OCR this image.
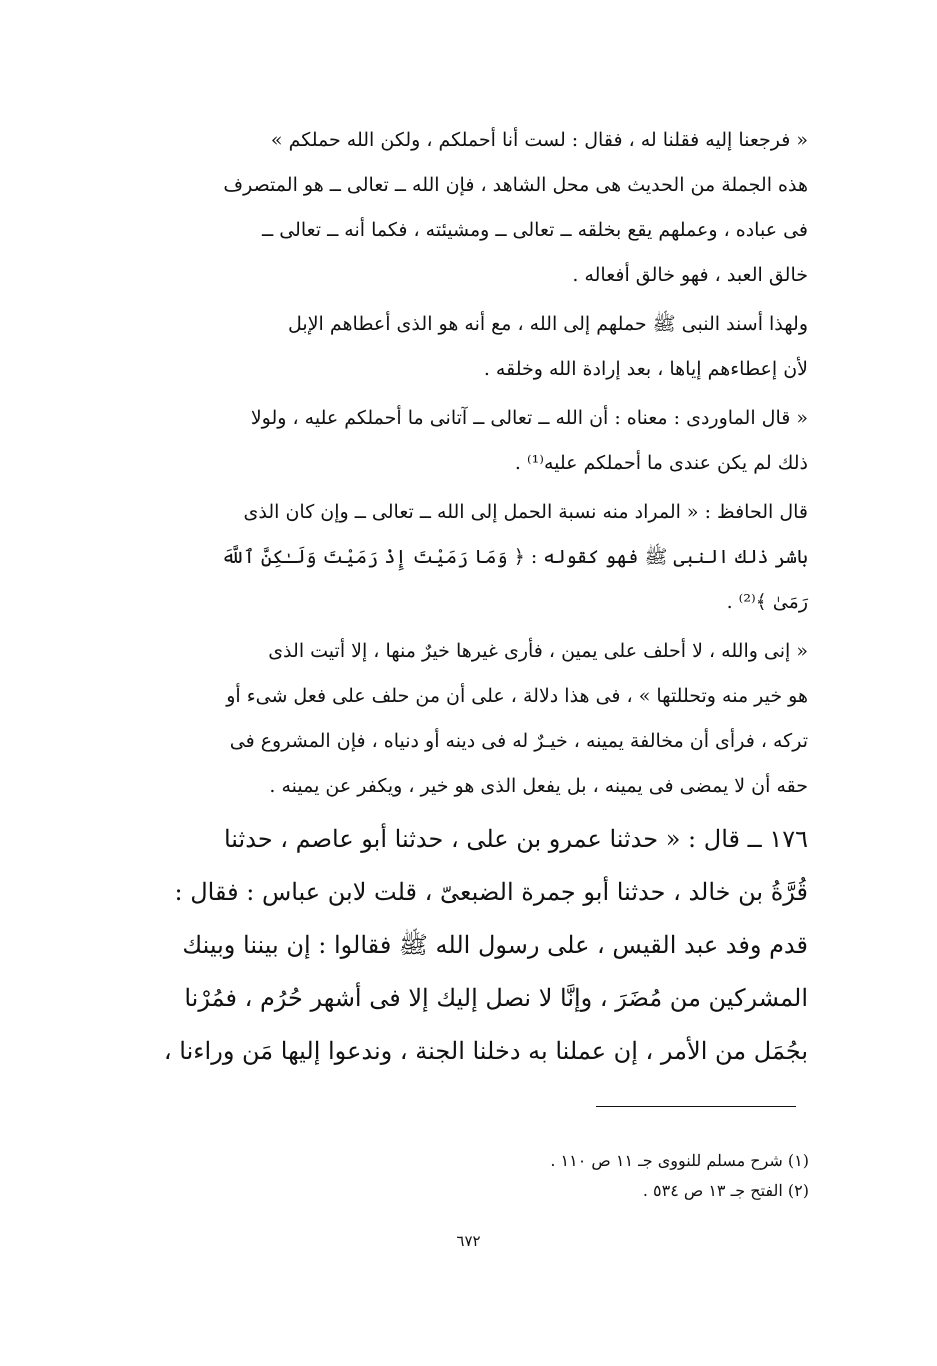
« فرجعنا إليه فقلنا له ، فقال : لست أنا أحملكم ، ولكن الله حملكم »
هذه الجملة من الحديث هى محل الشاهد ، فإن الله ــ تعالى ــ هو المتصرف
فى عباده ، وعملهم يقع بخلقه ــ تعالى ــ ومشيئته ، فكما أنه ــ تعالى ــ
خالق العبد ، فهو خالق أفعاله .

ولهذا أسند النبى ﷺ حملهم إلى الله ، مع أنه هو الذى أعطاهم الإبل
لأن إعطاءهم إياها ، بعد إرادة الله وخلقه .

« قال الماوردى : معناه : أن الله ــ تعالى ــ آتانى ما أحملكم عليه ، ولولا
ذلك لم يكن عندى ما أحملكم عليه⁽¹⁾ .

قال الحافظ : « المراد منه نسبة الحمل إلى الله ــ تعالى ــ وإن كان الذى
باشر ذلك النبى ﷺ فهو كقوله : ﴿ وَمَا رَمَيْتَ إِذْ رَمَيْتَ وَلَـٰكِنَّ ٱللَّهَ
رَمَىٰ ﴾⁽²⁾ .

« إنى والله ، لا أحلف على يمين ، فأرى غيرها خيرٌ منها ، إلا أتيت الذى
هو خير منه وتحللتها » ، فى هذا دلالة ، على أن من حلف على فعل شىء أو
تركه ، فرأى أن مخالفة يمينه ، خيـرٌ له فى دينه أو دنياه ، فإن المشروع فى
حقه أن لا يمضى فى يمينه ، بل يفعل الذى هو خير ، ويكفر عن يمينه .

١٧٦ ــ قال : « حدثنا عمرو بن على ، حدثنا أبو عاصم ، حدثنا
قُرَّةُ بن خالد ، حدثنا أبو جمرة الضبعىّ ، قلت لابن عباس : فقال :
قدم وفد عبد القيس ، على رسول الله ﷺ فقالوا : إن بيننا وبينك
المشركين من مُضَرَ ، وإنَّا لا نصل إليك إلا فى أشهر حُرُم ، فمُرْنا
بجُمَل من الأمر ، إن عملنا به دخلنا الجنة ، وندعوا إليها مَن وراءنا ،

(١) شرح مسلم للنووى جـ ١١ ص ١١٠ .
(٢) الفتح جـ ١٣ ص ٥٣٤ .
٦٧٢
